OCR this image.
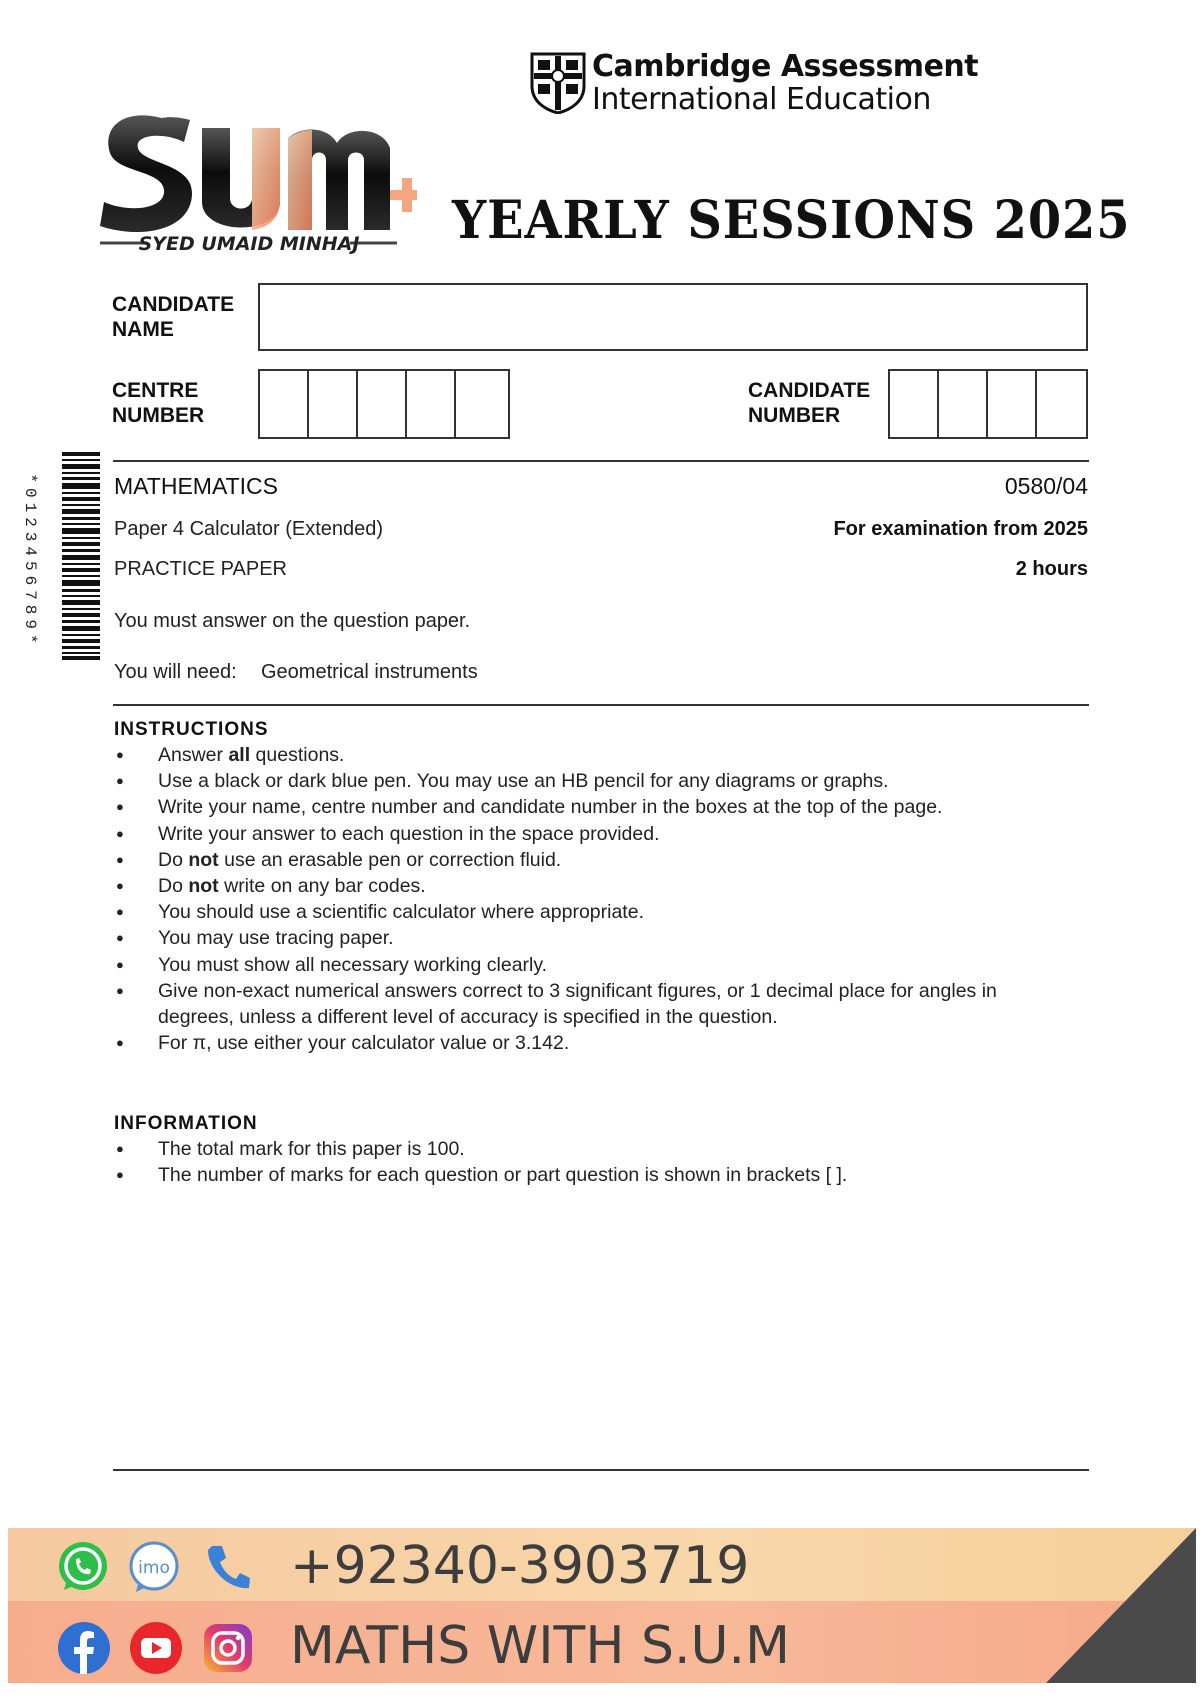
Cambridge Assessment
International Education
SYED UMAID MINHAJ YEARLY SESSIONS 2025
CANDIDATE
NAME
CENTRE
NUMBER
CANDIDATE
NUMBER
*0123456789*	MATHEMATICS	0580/04
Paper 4 Calculator (Extended)	For examination from 2025
PRACTICE PAPER	2 hours
You must answer on the question paper.
You will need: Geometrical instruments
INSTRUCTIONS
● Answer all questions.
● Use a black or dark blue pen. You may use an HB pencil for any diagrams or graphs.
● Write your name, centre number and candidate number in the boxes at the top of the page.
● Write your answer to each question in the space provided.
● Do not use an erasable pen or correction fluid.
● Do not write on any bar codes.
● You should use a scientific calculator where appropriate.
● You may use tracing paper.
● You must show all necessary working clearly.
● Give non-exact numerical answers correct to 3 significant figures, or 1 decimal place for angles in degrees, unless a different level of accuracy is specified in the question.
● For π, use either your calculator value or 3.142.
INFORMATION
● The total mark for this paper is 100.
● The number of marks for each question or part question is shown in brackets [ ].
imo +92340-3903719
MATHS WITH S.U.M
